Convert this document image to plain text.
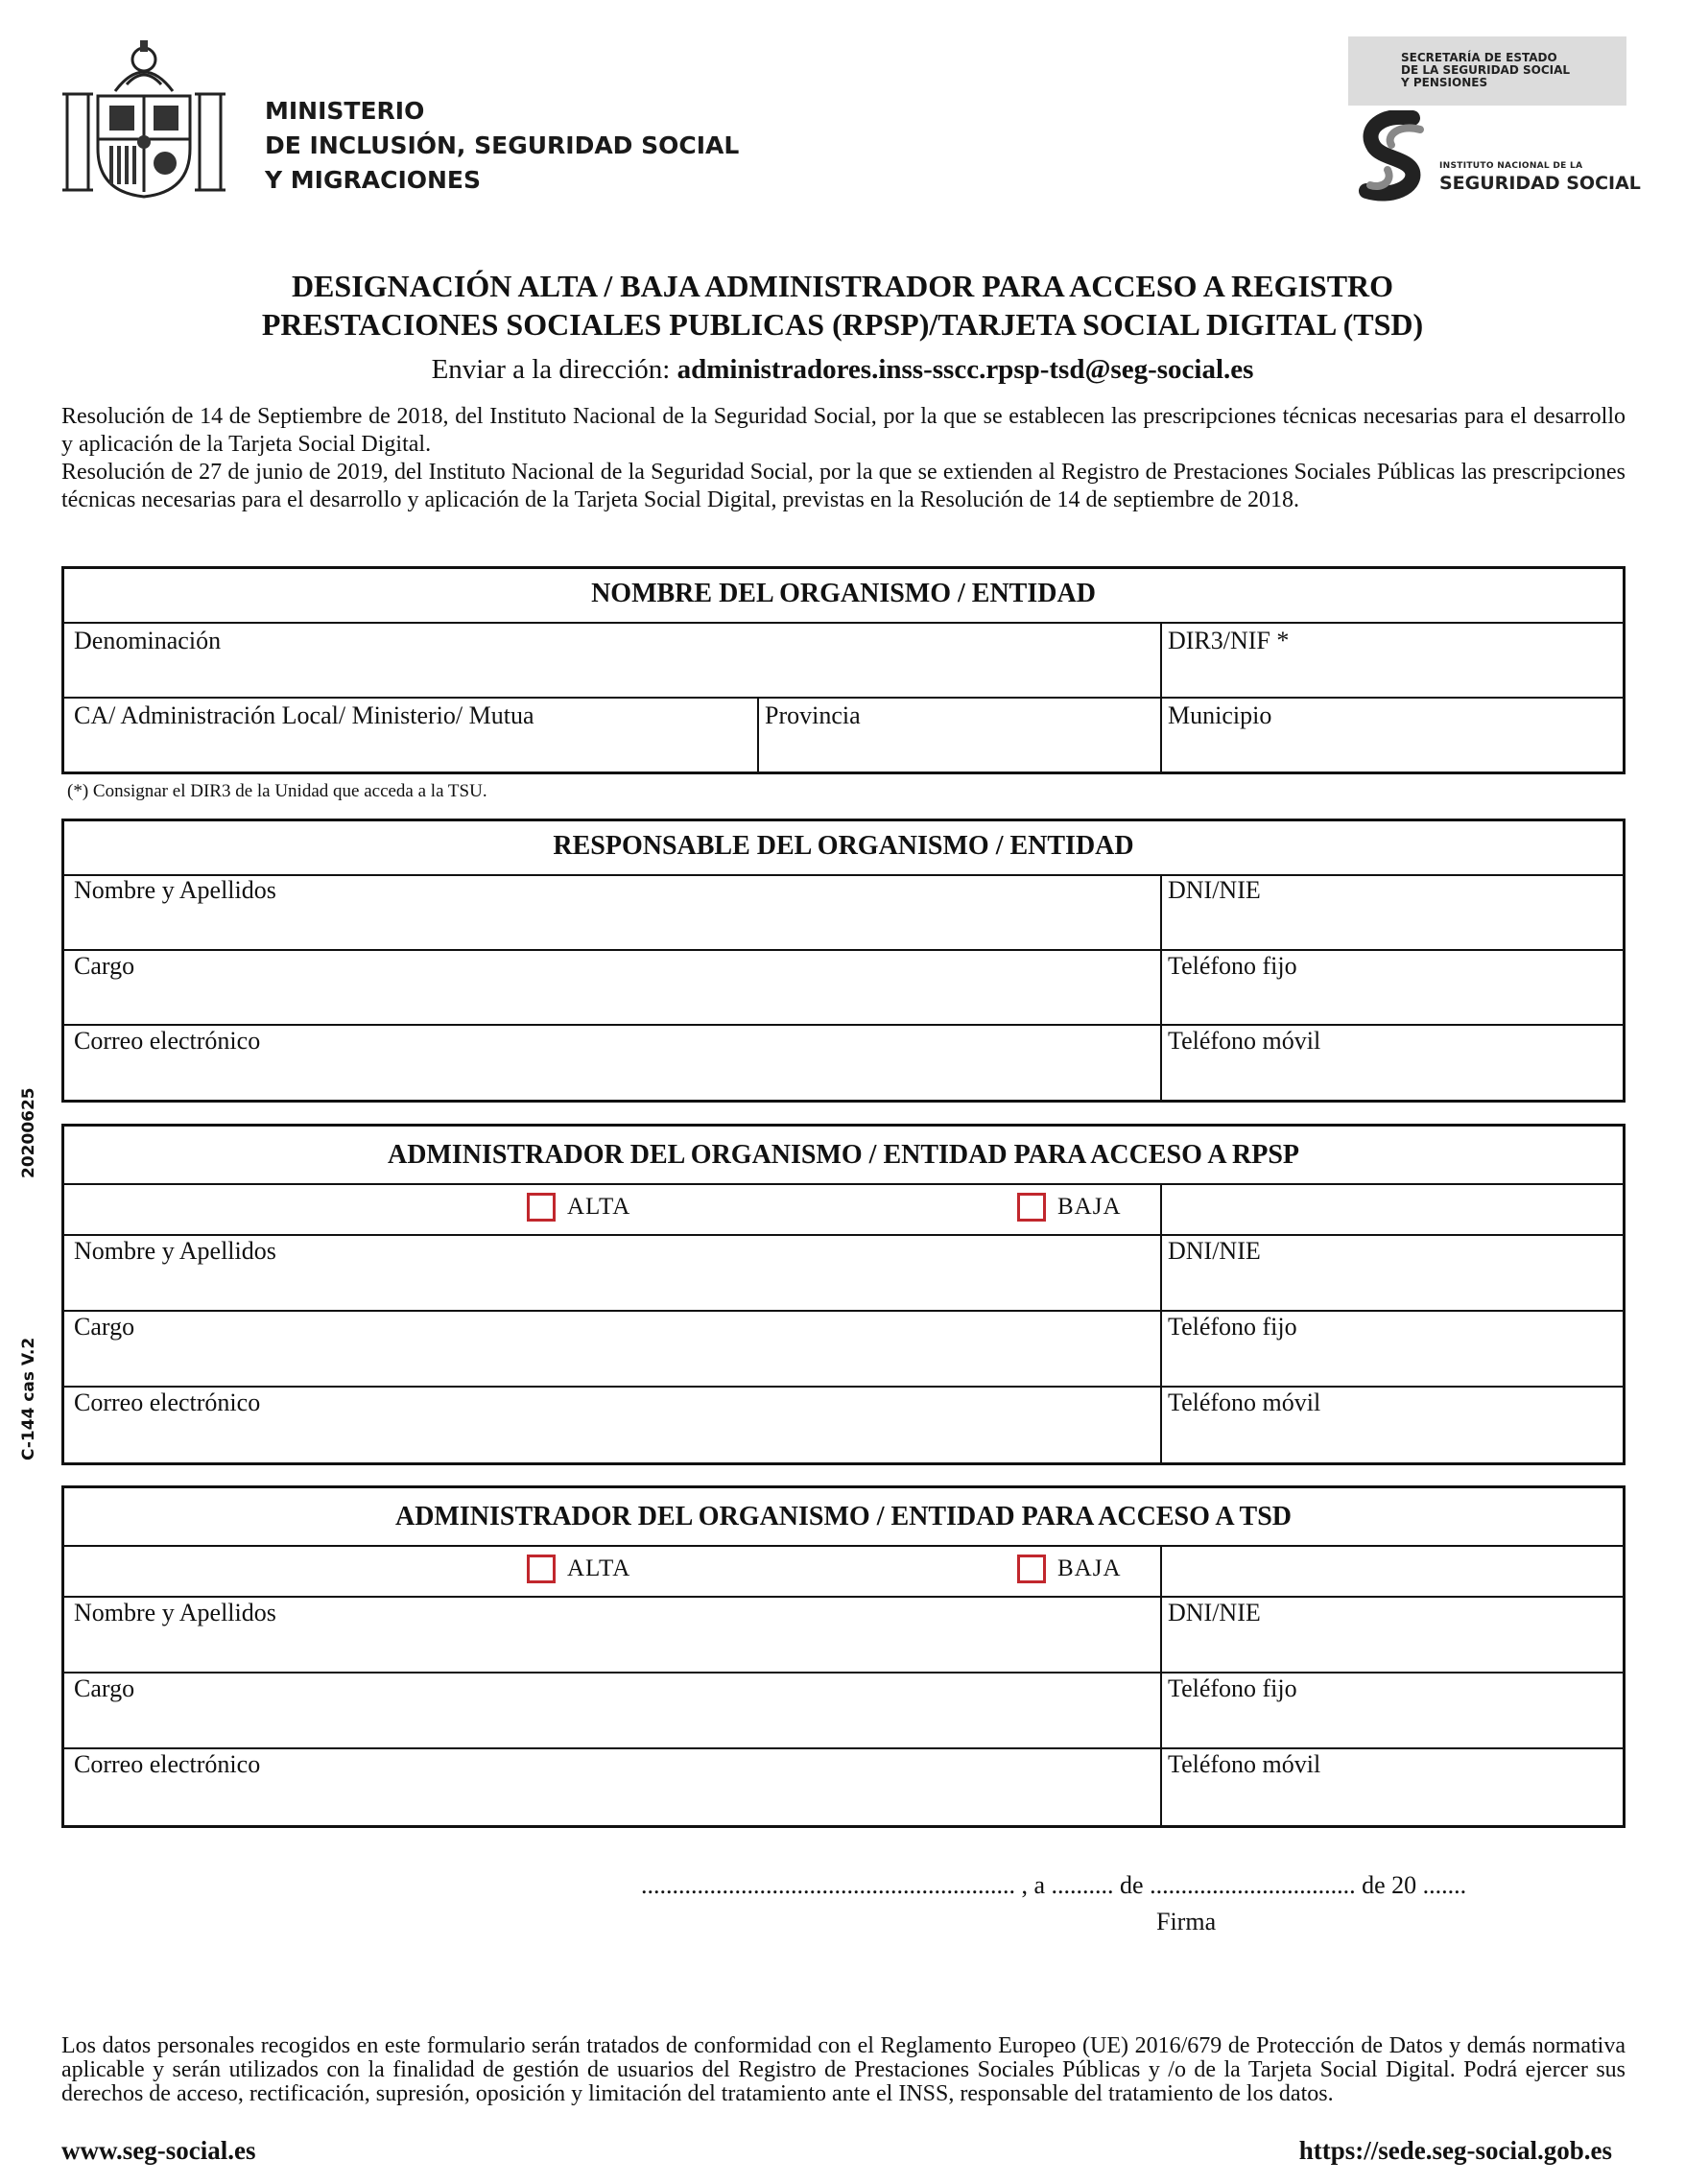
MINISTERIO
DE INCLUSIÓN, SEGURIDAD SOCIAL
Y MIGRACIONES
SECRETARÍA DE ESTADO
DE LA SEGURIDAD SOCIAL
Y PENSIONES
INSTITUTO NACIONAL DE LA
SEGURIDAD SOCIAL
DESIGNACIÓN ALTA / BAJA ADMINISTRADOR PARA ACCESO A REGISTRO
PRESTACIONES SOCIALES PUBLICAS (RPSP)/TARJETA SOCIAL DIGITAL (TSD)
Enviar a la dirección: administradores.inss-sscc.rpsp-tsd@seg-social.es
Resolución de 14 de Septiembre de 2018, del Instituto Nacional de la Seguridad Social, por la que se establecen las prescripciones técnicas necesarias para el desarrollo y aplicación de la Tarjeta Social Digital.
Resolución de 27 de junio de 2019, del Instituto Nacional de la Seguridad Social, por la que se extienden al Registro de Prestaciones Sociales Públicas las prescripciones técnicas necesarias para el desarrollo y aplicación de la Tarjeta Social Digital, previstas en la Resolución de 14 de septiembre de 2018.
NOMBRE DEL ORGANISMO / ENTIDAD
Denominación	DIR3/NIF *
CA/ Administración Local/ Ministerio/ Mutua	Provincia	Municipio
(*) Consignar el DIR3 de la Unidad que acceda a la TSU.
RESPONSABLE DEL ORGANISMO / ENTIDAD
Nombre y Apellidos	DNI/NIE
Cargo	Teléfono fijo
Correo electrónico	Teléfono móvil
ADMINISTRADOR DEL ORGANISMO / ENTIDAD PARA ACCESO A RPSP
ALTA	BAJA
Nombre y Apellidos	DNI/NIE
Cargo	Teléfono fijo
Correo electrónico	Teléfono móvil
ADMINISTRADOR DEL ORGANISMO / ENTIDAD PARA ACCESO A TSD
ALTA	BAJA
Nombre y Apellidos	DNI/NIE
Cargo	Teléfono fijo
Correo electrónico	Teléfono móvil
20200625
C-144 cas V.2
............................................................ , a .......... de ................................. de 20 .......
Firma
Los datos personales recogidos en este formulario serán tratados de conformidad con el Reglamento Europeo (UE) 2016/679 de Protección de Datos y demás normativa aplicable y serán utilizados con la finalidad de gestión de usuarios del Registro de Prestaciones Sociales Públicas y /o de la Tarjeta Social Digital. Podrá ejercer sus derechos de acceso, rectificación, supresión, oposición y limitación del tratamiento ante el INSS, responsable del tratamiento de los datos.
www.seg-social.es	https://sede.seg-social.gob.es
